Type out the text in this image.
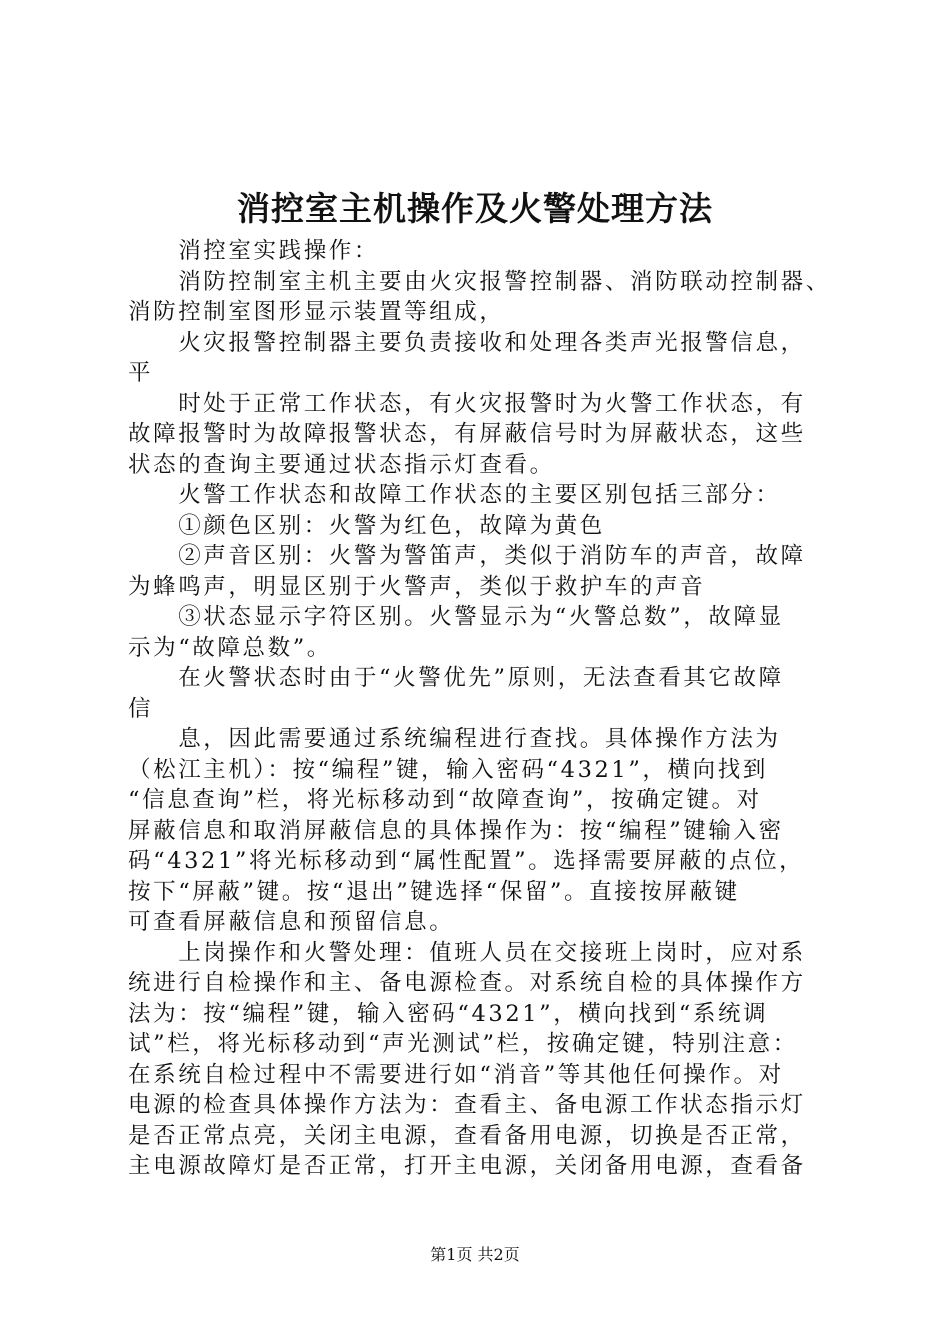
消控室主机操作及火警处理方法
　　消控室实践操作：
　　消防控制室主机主要由火灾报警控制器、消防联动控制器、
消防控制室图形显示装置等组成，
　　火灾报警控制器主要负责接收和处理各类声光报警信息，
平
　　时处于正常工作状态，有火灾报警时为火警工作状态，有
故障报警时为故障报警状态，有屏蔽信号时为屏蔽状态，这些
状态的查询主要通过状态指示灯查看。
　　火警工作状态和故障工作状态的主要区别包括三部分：
　　①颜色区别：火警为红色，故障为黄色
　　②声音区别：火警为警笛声，类似于消防车的声音，故障
为蜂鸣声，明显区别于火警声，类似于救护车的声音
　　③状态显示字符区别。火警显示为“火警总数”，故障显
示为“故障总数”。
　　在火警状态时由于“火警优先”原则，无法查看其它故障
信
　　息，因此需要通过系统编程进行查找。具体操作方法为
（松江主机）：按“编程”键，输入密码“4321”，横向找到
“信息查询”栏，将光标移动到“故障查询”，按确定键。对
屏蔽信息和取消屏蔽信息的具体操作为：按“编程”键输入密
码“4321”将光标移动到“属性配置”。选择需要屏蔽的点位，
按下“屏蔽”键。按“退出”键选择“保留”。直接按屏蔽键
可查看屏蔽信息和预留信息。
　　上岗操作和火警处理：值班人员在交接班上岗时，应对系
统进行自检操作和主、备电源检查。对系统自检的具体操作方
法为：按“编程”键，输入密码“4321”，横向找到“系统调
试”栏，将光标移动到“声光测试”栏，按确定键，特别注意：
在系统自检过程中不需要进行如“消音”等其他任何操作。对
电源的检查具体操作方法为：查看主、备电源工作状态指示灯
是否正常点亮，关闭主电源，查看备用电源，切换是否正常，
主电源故障灯是否正常，打开主电源，关闭备用电源，查看备
第1页 共2页
